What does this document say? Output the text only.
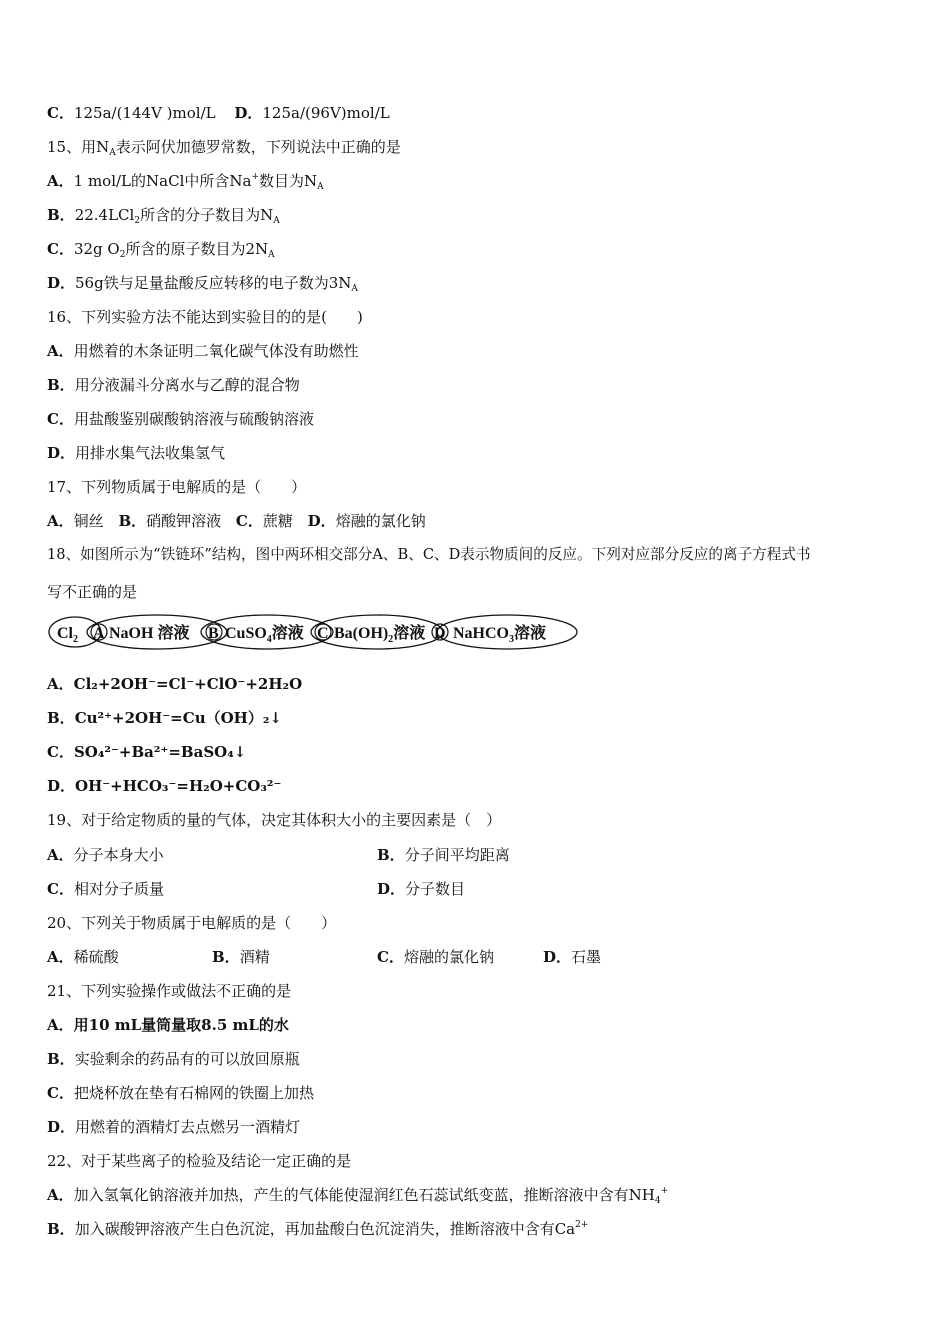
C．125a/(144V )mol/L D．125a/(96V)mol/L
15、用$N_A$表示阿伏加德罗常数，下列说法中正确的是
A．1 mol/L的NaCl中所含Na+数目为$N_A$
B．22.4LCl$_2$所含的分子数目为$N_A$
C．32g $O_2$所含的原子数目为$2N_A$
D．56g铁与足量盐酸反应转移的电子数为$3N_A$
16、下列实验方法不能达到实验目的的是(　　)
A．用燃着的木条证明二氧化碳气体没有助燃性
B．用分液漏斗分离水与乙醇的混合物
C．用盐酸鉴别碳酸钠溶液与硫酸钠溶液
D．用排水集气法收集氢气
17、下列物质属于电解质的是（　　）
A．铜丝 B．硝酸钾溶液 C．蔗糖 D．熔融的氯化钠
18、如图所示为“铁链环”结构，图中两环相交部分A、B、C、D表示物质间的反应。下列对应部分反应的离子方程式书
写不正确的是
$Cl_2$ A NaOH 溶液 B CuSO$_4$溶液 C $Ba(OH)_2$溶液 D NaHCO$_3$溶液
A．Cl₂+2OH⁻=Cl⁻+ClO⁻+2H₂O
B．Cu²⁺+2OH⁻=Cu（OH）₂↓
C．SO₄²⁻+Ba²⁺=BaSO₄↓
D．OH⁻+HCO₃⁻=H₂O+CO₃²⁻
19、对于给定物质的量的气体，决定其体积大小的主要因素是（　）
A．分子本身大小	B．分子间平均距离
C．相对分子质量	D．分子数目
20、下列关于物质属于电解质的是（　　）
A．稀硫酸	B．酒精	C．熔融的氯化钠	D．石墨
21、下列实验操作或做法不正确的是
A．用10 mL量筒量取8.5 mL的水
B．实验剩余的药品有的可以放回原瓶
C．把烧杯放在垫有石棉网的铁圈上加热
D．用燃着的酒精灯去点燃另一酒精灯
22、对于某些离子的检验及结论一定正确的是
A．加入氢氧化钠溶液并加热，产生的气体能使湿润红色石蕊试纸变蓝，推断溶液中含有$NH_4^+$
B．加入碳酸钾溶液产生白色沉淀，再加盐酸白色沉淀消失，推断溶液中含有$Ca^{2+}$
